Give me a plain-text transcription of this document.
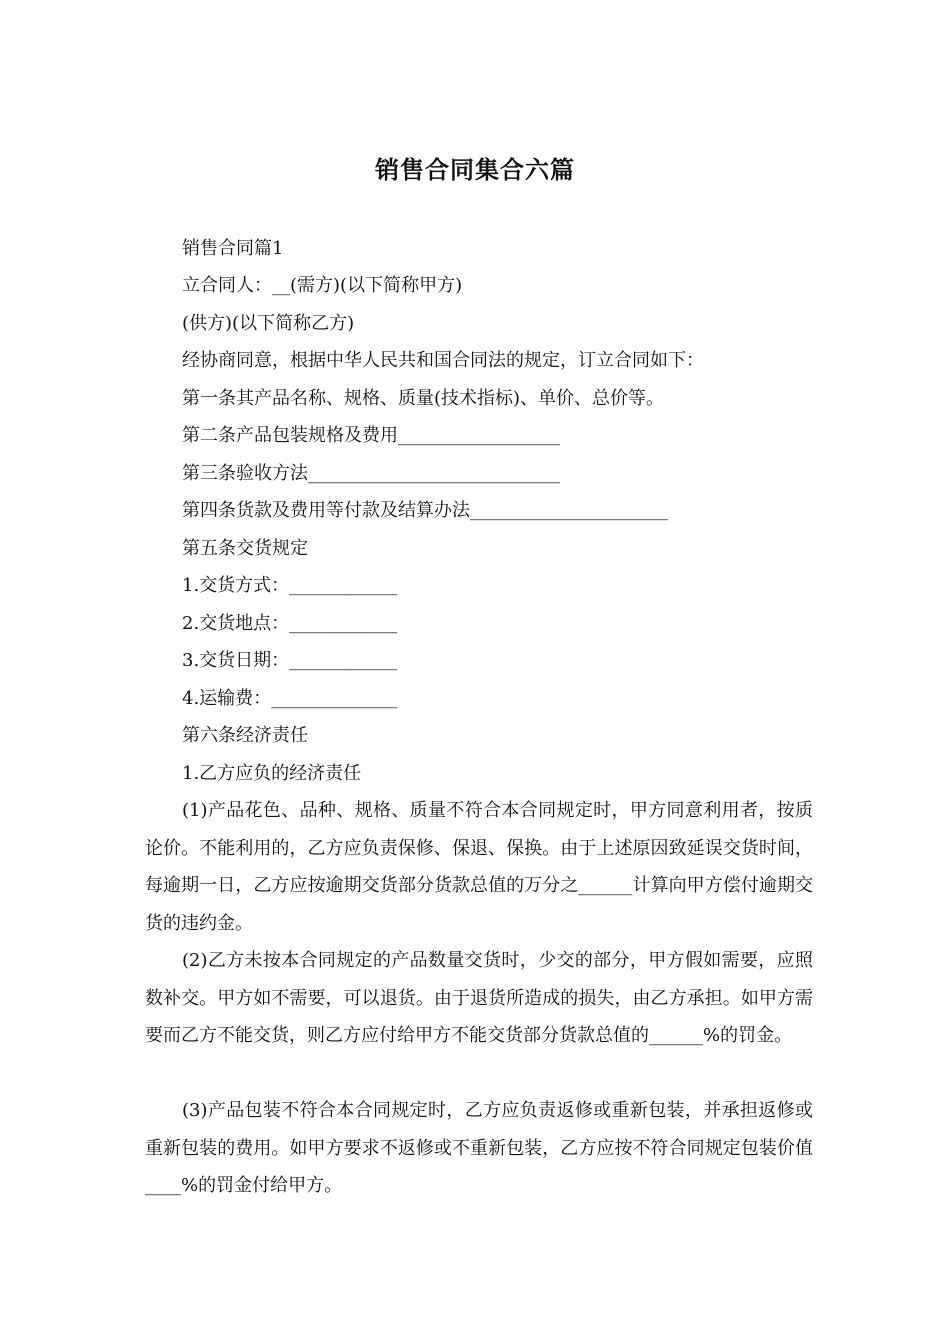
销售合同集合六篇
销售合同篇1
立合同人：__(需方)(以下简称甲方)
(供方)(以下简称乙方)
经协商同意，根据中华人民共和国合同法的规定，订立合同如下：
第一条其产品名称、规格、质量(技术指标)、单价、总价等。
第二条产品包装规格及费用__________________
第三条验收方法____________________________
第四条货款及费用等付款及结算办法______________________
第五条交货规定
1.交货方式：____________
2.交货地点：____________
3.交货日期：____________
4.运输费：______________
第六条经济责任
1.乙方应负的经济责任
(1)产品花色、品种、规格、质量不符合本合同规定时，甲方同意利用者，按质论价。不能利用的，乙方应负责保修、保退、保换。由于上述原因致延误交货时间，每逾期一日，乙方应按逾期交货部分货款总值的万分之______计算向甲方偿付逾期交货的违约金。
(2)乙方未按本合同规定的产品数量交货时，少交的部分，甲方假如需要，应照数补交。甲方如不需要，可以退货。由于退货所造成的损失，由乙方承担。如甲方需要而乙方不能交货，则乙方应付给甲方不能交货部分货款总值的______%的罚金。
(3)产品包装不符合本合同规定时，乙方应负责返修或重新包装，并承担返修或重新包装的费用。如甲方要求不返修或不重新包装，乙方应按不符合同规定包装价值____%的罚金付给甲方。
